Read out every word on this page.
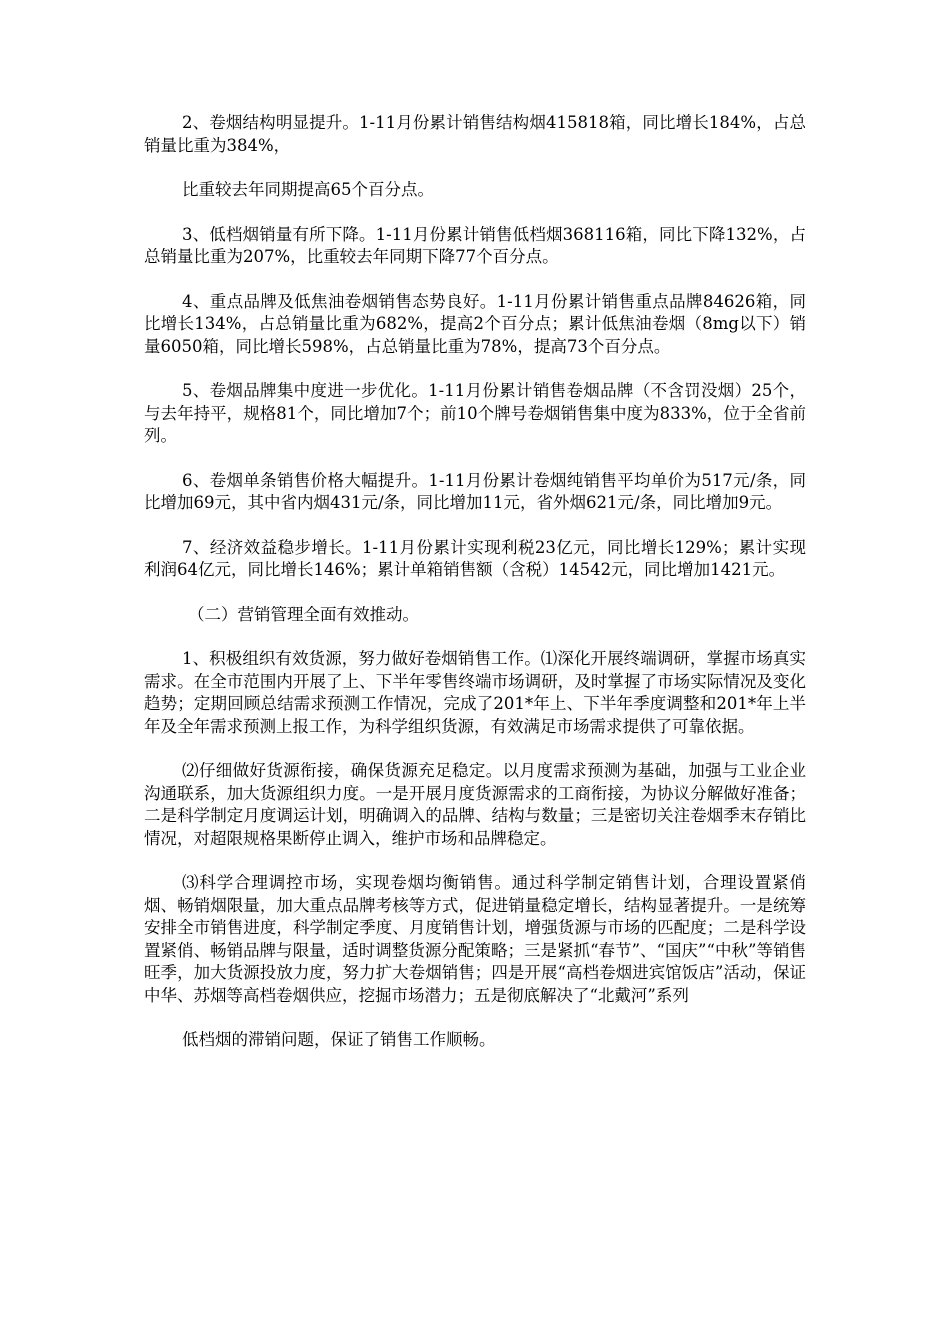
2、卷烟结构明显提升。1-11月份累计销售结构烟415818箱，同比增长184%，占总销量比重为384%，

比重较去年同期提高65个百分点。

3、低档烟销量有所下降。1-11月份累计销售低档烟368116箱，同比下降132%，占总销量比重为207%，比重较去年同期下降77个百分点。

4、重点品牌及低焦油卷烟销售态势良好。1-11月份累计销售重点品牌84626箱，同比增长134%，占总销量比重为682%，提高2个百分点；累计低焦油卷烟（8mg以下）销量6050箱，同比增长598%，占总销量比重为78%，提高73个百分点。

5、卷烟品牌集中度进一步优化。1-11月份累计销售卷烟品牌（不含罚没烟）25个，与去年持平，规格81个，同比增加7个；前10个牌号卷烟销售集中度为833%，位于全省前列。

6、卷烟单条销售价格大幅提升。1-11月份累计卷烟纯销售平均单价为517元/条，同比增加69元，其中省内烟431元/条，同比增加11元，省外烟621元/条，同比增加9元。

7、经济效益稳步增长。1-11月份累计实现利税23亿元，同比增长129%；累计实现利润64亿元，同比增长146%；累计单箱销售额（含税）14542元，同比增加1421元。

（二）营销管理全面有效推动。

1、积极组织有效货源，努力做好卷烟销售工作。⑴深化开展终端调研，掌握市场真实需求。在全市范围内开展了上、下半年零售终端市场调研，及时掌握了市场实际情况及变化趋势；定期回顾总结需求预测工作情况，完成了201*年上、下半年季度调整和201*年上半年及全年需求预测上报工作，为科学组织货源，有效满足市场需求提供了可靠依据。

⑵仔细做好货源衔接，确保货源充足稳定。以月度需求预测为基础，加强与工业企业沟通联系，加大货源组织力度。一是开展月度货源需求的工商衔接，为协议分解做好准备；二是科学制定月度调运计划，明确调入的品牌、结构与数量；三是密切关注卷烟季末存销比情况，对超限规格果断停止调入，维护市场和品牌稳定。

⑶科学合理调控市场，实现卷烟均衡销售。通过科学制定销售计划，合理设置紧俏烟、畅销烟限量，加大重点品牌考核等方式，促进销量稳定增长，结构显著提升。一是统筹安排全市销售进度，科学制定季度、月度销售计划，增强货源与市场的匹配度；二是科学设置紧俏、畅销品牌与限量，适时调整货源分配策略；三是紧抓“春节”、“国庆”“中秋”等销售旺季，加大货源投放力度，努力扩大卷烟销售；四是开展“高档卷烟进宾馆饭店”活动，保证中华、苏烟等高档卷烟供应，挖掘市场潜力；五是彻底解决了“北戴河”系列

低档烟的滞销问题，保证了销售工作顺畅。
